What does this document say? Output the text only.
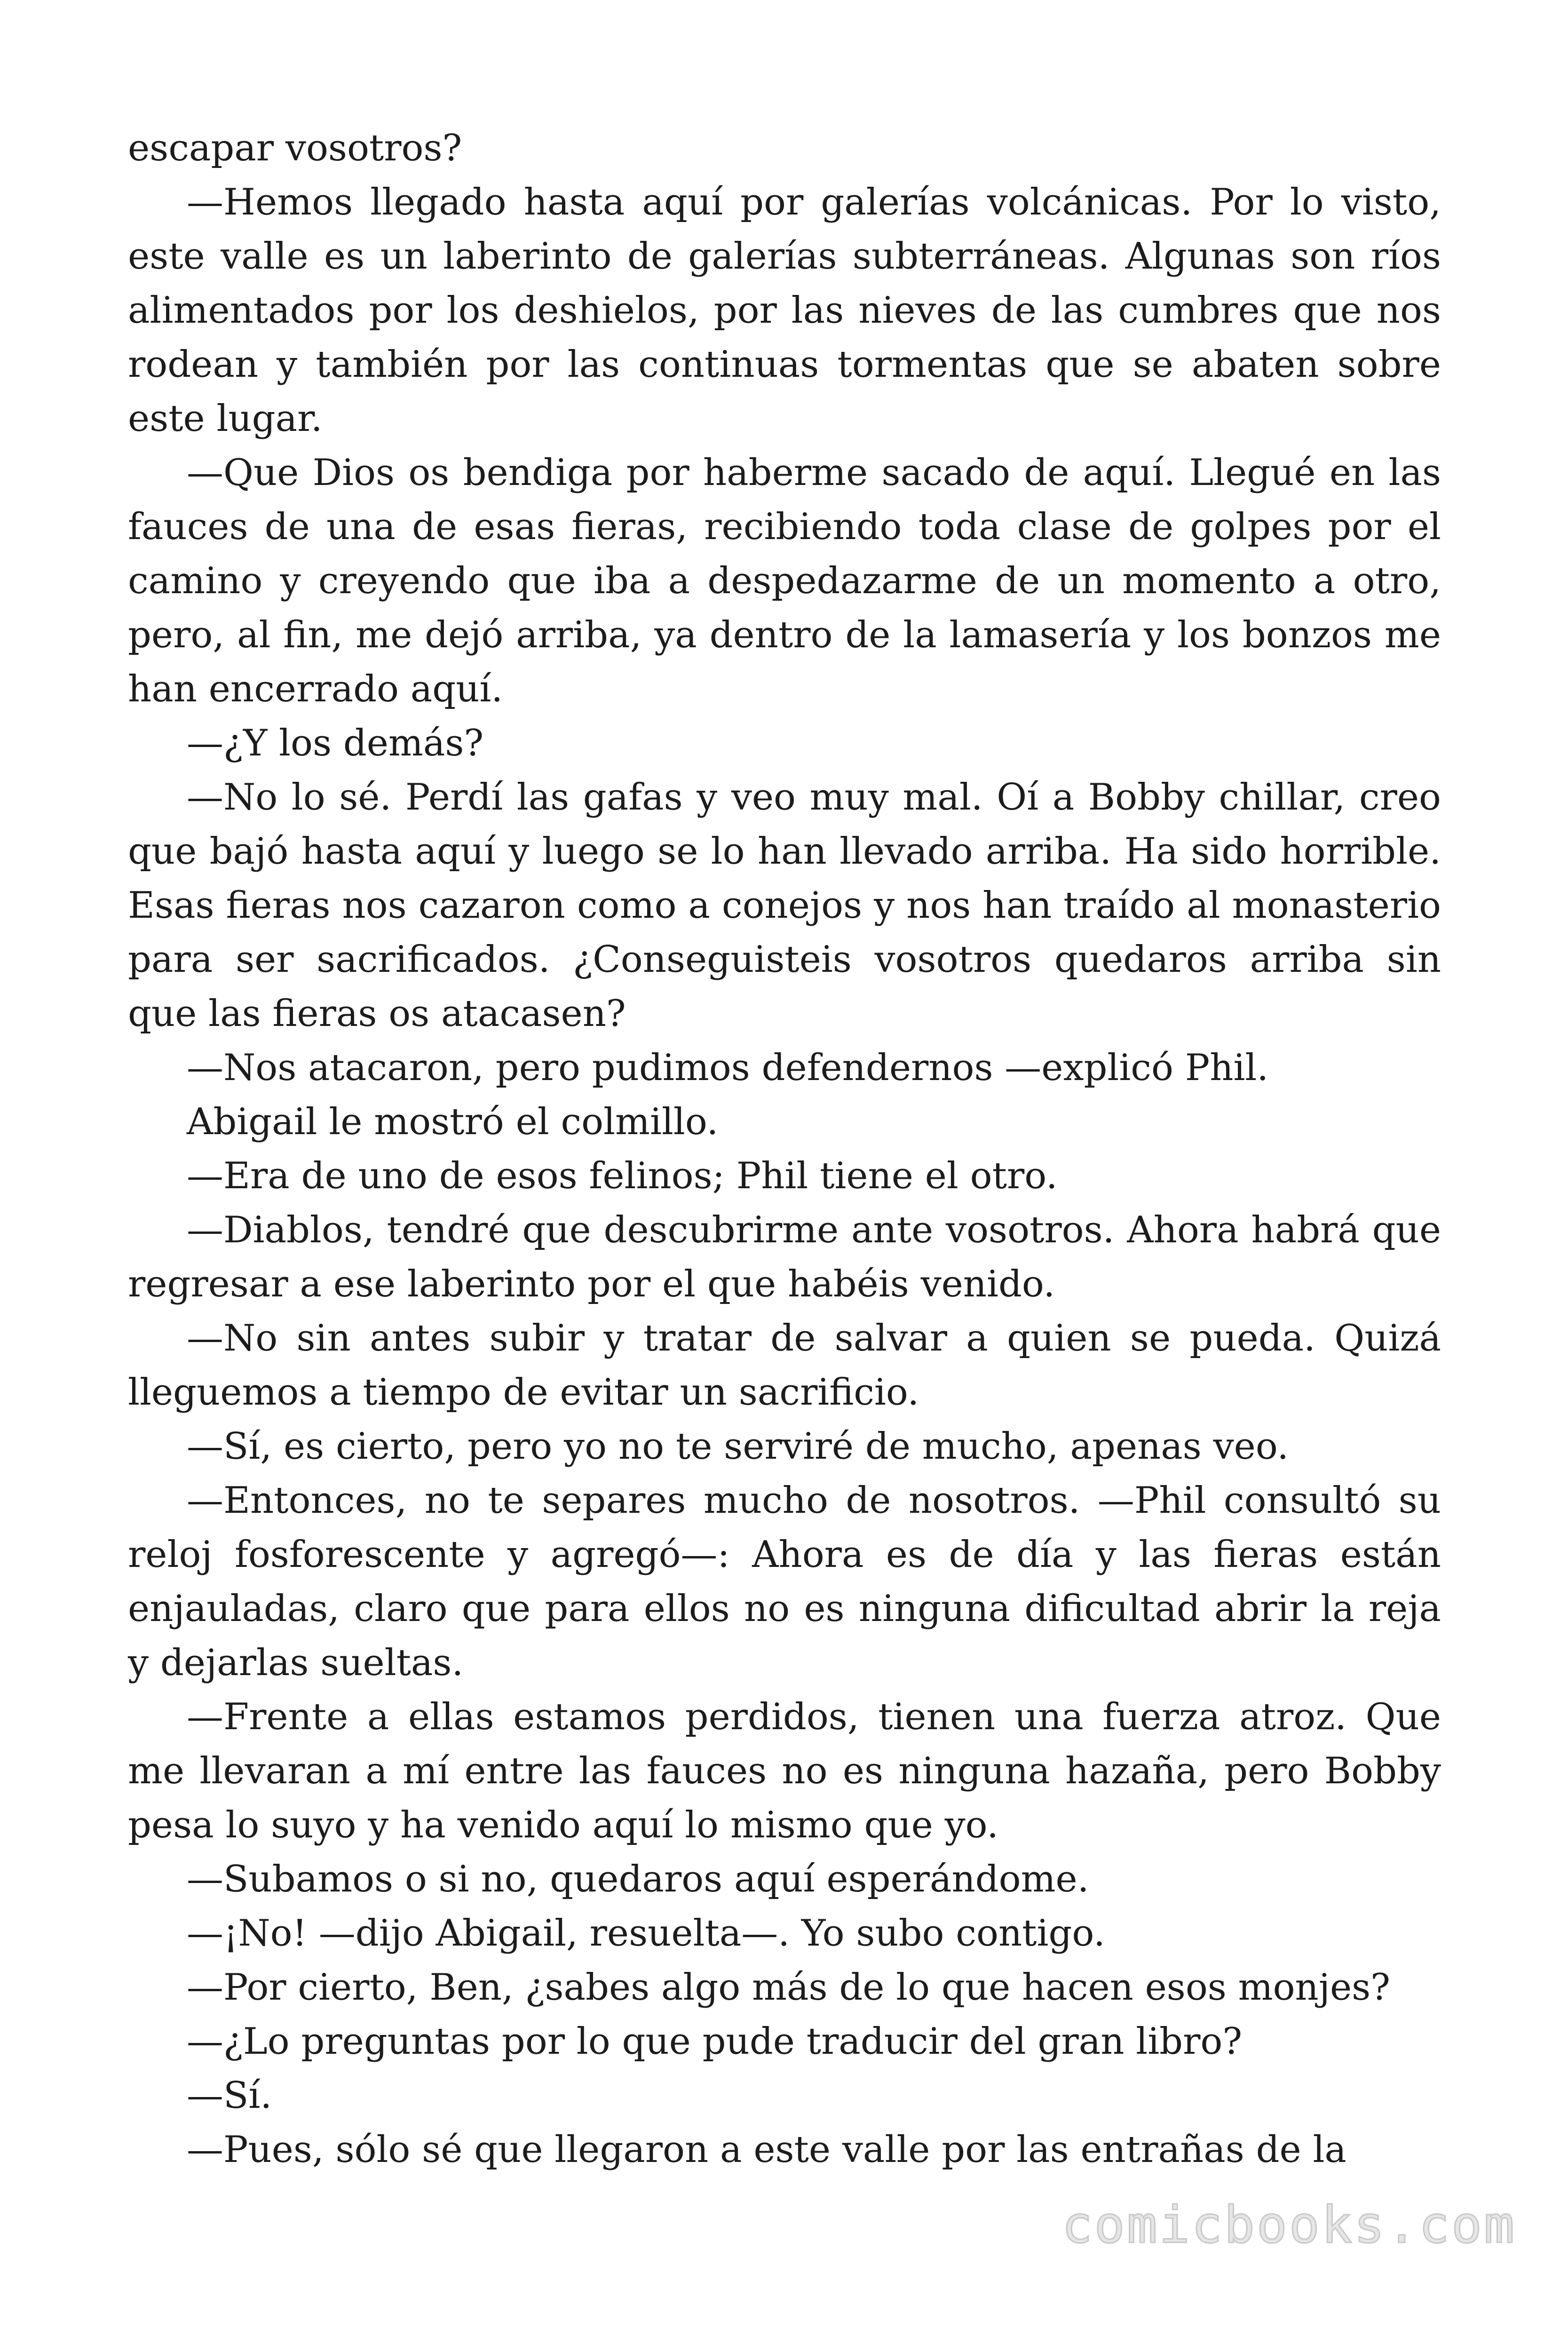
escapar vosotros?

—Hemos llegado hasta aquí por galerías volcánicas. Por lo visto, este valle es un laberinto de galerías subterráneas. Algunas son ríos alimentados por los deshielos, por las nieves de las cumbres que nos rodean y también por las continuas tormentas que se abaten sobre este lugar.

—Que Dios os bendiga por haberme sacado de aquí. Llegué en las fauces de una de esas fieras, recibiendo toda clase de golpes por el camino y creyendo que iba a despedazarme de un momento a otro, pero, al fin, me dejó arriba, ya dentro de la lamasería y los bonzos me han encerrado aquí.

—¿Y los demás?

—No lo sé. Perdí las gafas y veo muy mal. Oí a Bobby chillar, creo que bajó hasta aquí y luego se lo han llevado arriba. Ha sido horrible. Esas fieras nos cazaron como a conejos y nos han traído al monasterio para ser sacrificados. ¿Conseguisteis vosotros quedaros arriba sin que las fieras os atacasen?

—Nos atacaron, pero pudimos defendernos —explicó Phil.

Abigail le mostró el colmillo.

—Era de uno de esos felinos; Phil tiene el otro.

—Diablos, tendré que descubrirme ante vosotros. Ahora habrá que regresar a ese laberinto por el que habéis venido.

—No sin antes subir y tratar de salvar a quien se pueda. Quizá lleguemos a tiempo de evitar un sacrificio.

—Sí, es cierto, pero yo no te serviré de mucho, apenas veo.

—Entonces, no te separes mucho de nosotros. —Phil consultó su reloj fosforescente y agregó—: Ahora es de día y las fieras están enjauladas, claro que para ellos no es ninguna dificultad abrir la reja y dejarlas sueltas.

—Frente a ellas estamos perdidos, tienen una fuerza atroz. Que me llevaran a mí entre las fauces no es ninguna hazaña, pero Bobby pesa lo suyo y ha venido aquí lo mismo que yo.

—Subamos o si no, quedaros aquí esperándome.

—¡No! —dijo Abigail, resuelta—. Yo subo contigo.

—Por cierto, Ben, ¿sabes algo más de lo que hacen esos monjes?

—¿Lo preguntas por lo que pude traducir del gran libro?

—Sí.

—Pues, sólo sé que llegaron a este valle por las entrañas de la

comicbooks.com
